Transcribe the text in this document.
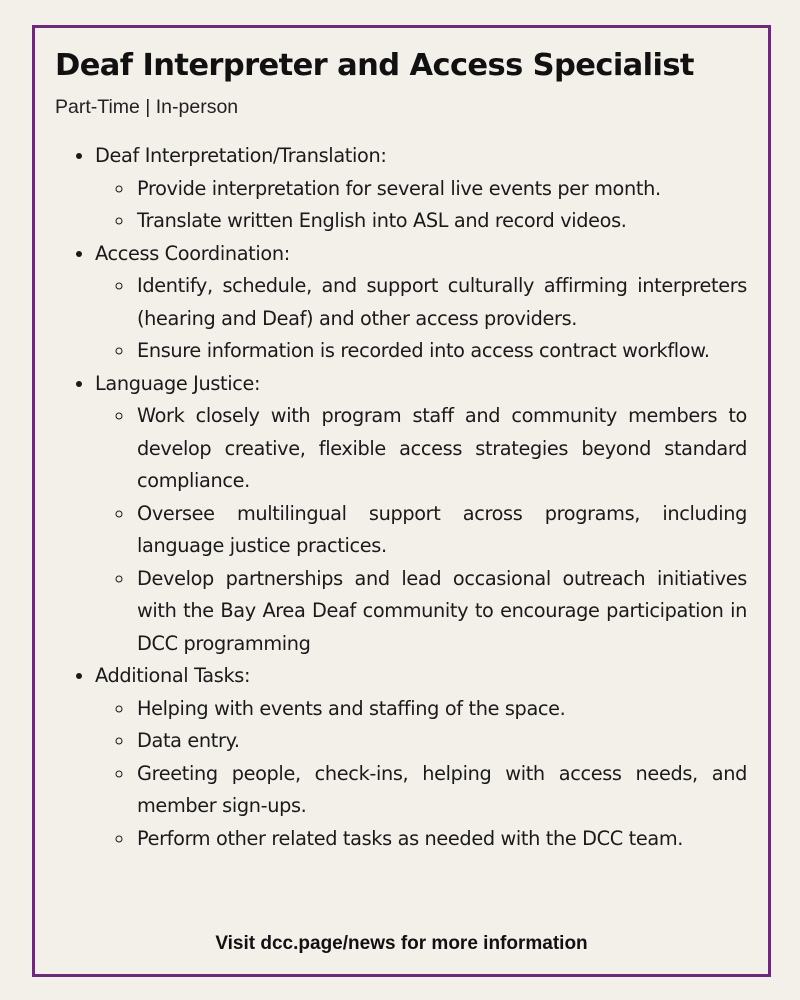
Deaf Interpreter and Access Specialist

Part-Time | In-person

• Deaf Interpretation/Translation:
◦ Provide interpretation for several live events per month.
◦ Translate written English into ASL and record videos.
• Access Coordination:
◦ Identify, schedule, and support culturally affirming interpreters (hearing and Deaf) and other access providers.
◦ Ensure information is recorded into access contract workflow.
• Language Justice:
◦ Work closely with program staff and community members to develop creative, flexible access strategies beyond standard compliance.
◦ Oversee multilingual support across programs, including language justice practices.
◦ Develop partnerships and lead occasional outreach initiatives with the Bay Area Deaf community to encourage participation in DCC programming
• Additional Tasks:
◦ Helping with events and staffing of the space.
◦ Data entry.
◦ Greeting people, check-ins, helping with access needs, and member sign-ups.
◦ Perform other related tasks as needed with the DCC team.

Visit dcc.page/news for more information
